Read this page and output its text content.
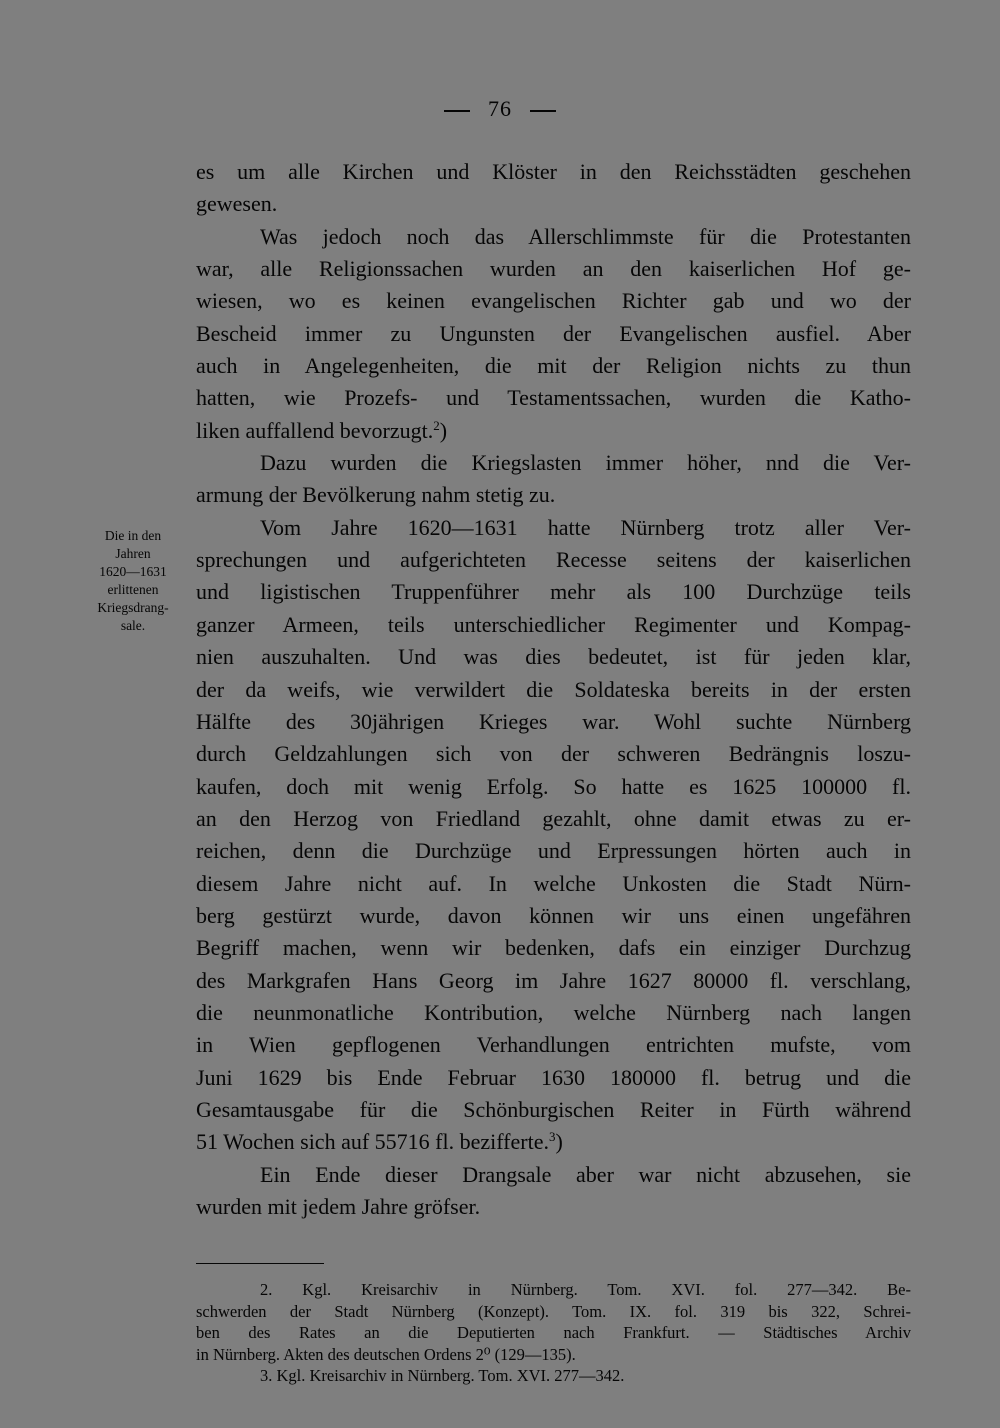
76
Die in den
Jahren
1620—1631
erlittenen
Kriegsdrang-
sale.
es um alle Kirchen und Klöster in den Reichsstädten geschehen
gewesen.
Was jedoch noch das Allerschlimmste für die Protestanten
war, alle Religionssachen wurden an den kaiserlichen Hof ge-
wiesen, wo es keinen evangelischen Richter gab und wo der
Bescheid immer zu Ungunsten der Evangelischen ausfiel. Aber
auch in Angelegenheiten, die mit der Religion nichts zu thun
hatten, wie Prozefs- und Testamentssachen, wurden die Katho-
liken auffallend bevorzugt.$^2$)
Dazu wurden die Kriegslasten immer höher, nnd die Ver-
armung der Bevölkerung nahm stetig zu.
Vom Jahre 1620—1631 hatte Nürnberg trotz aller Ver-
sprechungen und aufgerichteten Recesse seitens der kaiserlichen
und ligistischen Truppenführer mehr als 100 Durchzüge teils
ganzer Armeen, teils unterschiedlicher Regimenter und Kompag-
nien auszuhalten. Und was dies bedeutet, ist für jeden klar,
der da weifs, wie verwildert die Soldateska bereits in der ersten
Hälfte des 30jährigen Krieges war. Wohl suchte Nürnberg
durch Geldzahlungen sich von der schweren Bedrängnis loszu-
kaufen, doch mit wenig Erfolg. So hatte es 1625 100000 fl.
an den Herzog von Friedland gezahlt, ohne damit etwas zu er-
reichen, denn die Durchzüge und Erpressungen hörten auch in
diesem Jahre nicht auf. In welche Unkosten die Stadt Nürn-
berg gestürzt wurde, davon können wir uns einen ungefähren
Begriff machen, wenn wir bedenken, dafs ein einziger Durchzug
des Markgrafen Hans Georg im Jahre 1627 80000 fl. verschlang,
die neunmonatliche Kontribution, welche Nürnberg nach langen
in Wien gepflogenen Verhandlungen entrichten mufste, vom
Juni 1629 bis Ende Februar 1630 180000 fl. betrug und die
Gesamtausgabe für die Schönburgischen Reiter in Fürth während
51 Wochen sich auf 55716 fl. bezifferte.$^3$)
Ein Ende dieser Drangsale aber war nicht abzusehen, sie
wurden mit jedem Jahre gröfser.
2. Kgl. Kreisarchiv in Nürnberg. Tom. XVI. fol. 277—342. Be-
schwerden der Stadt Nürnberg (Konzept). Tom. IX. fol. 319 bis 322, Schrei-
ben des Rates an die Deputierten nach Frankfurt. — Städtisches Archiv
in Nürnberg. Akten des deutschen Ordens 2⁰ (129—135).
3. Kgl. Kreisarchiv in Nürnberg. Tom. XVI. 277—342.
